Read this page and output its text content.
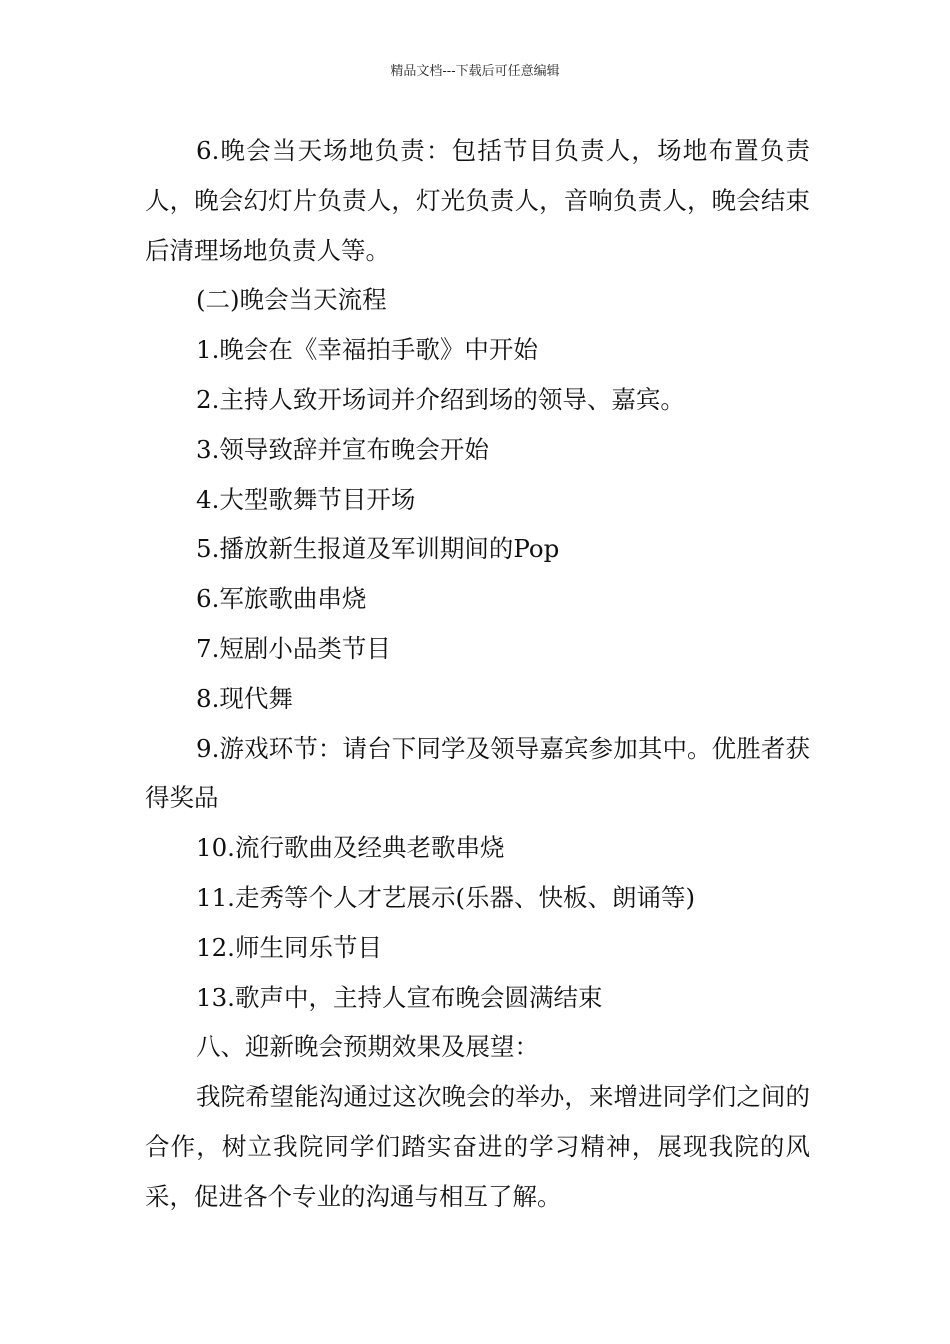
精品文档---下载后可任意编辑

6.晚会当天场地负责：包括节目负责人，场地布置负责人，晚会幻灯片负责人，灯光负责人，音响负责人，晚会结束后清理场地负责人等。

(二)晚会当天流程

1.晚会在《幸福拍手歌》中开始

2.主持人致开场词并介绍到场的领导、嘉宾。

3.领导致辞并宣布晚会开始

4.大型歌舞节目开场

5.播放新生报道及军训期间的Pop

6.军旅歌曲串烧

7.短剧小品类节目

8.现代舞

9.游戏环节：请台下同学及领导嘉宾参加其中。优胜者获得奖品

10.流行歌曲及经典老歌串烧

11.走秀等个人才艺展示(乐器、快板、朗诵等)

12.师生同乐节目

13.歌声中，主持人宣布晚会圆满结束

八、迎新晚会预期效果及展望：

我院希望能沟通过这次晚会的举办，来增进同学们之间的合作，树立我院同学们踏实奋进的学习精神，展现我院的风采，促进各个专业的沟通与相互了解。
